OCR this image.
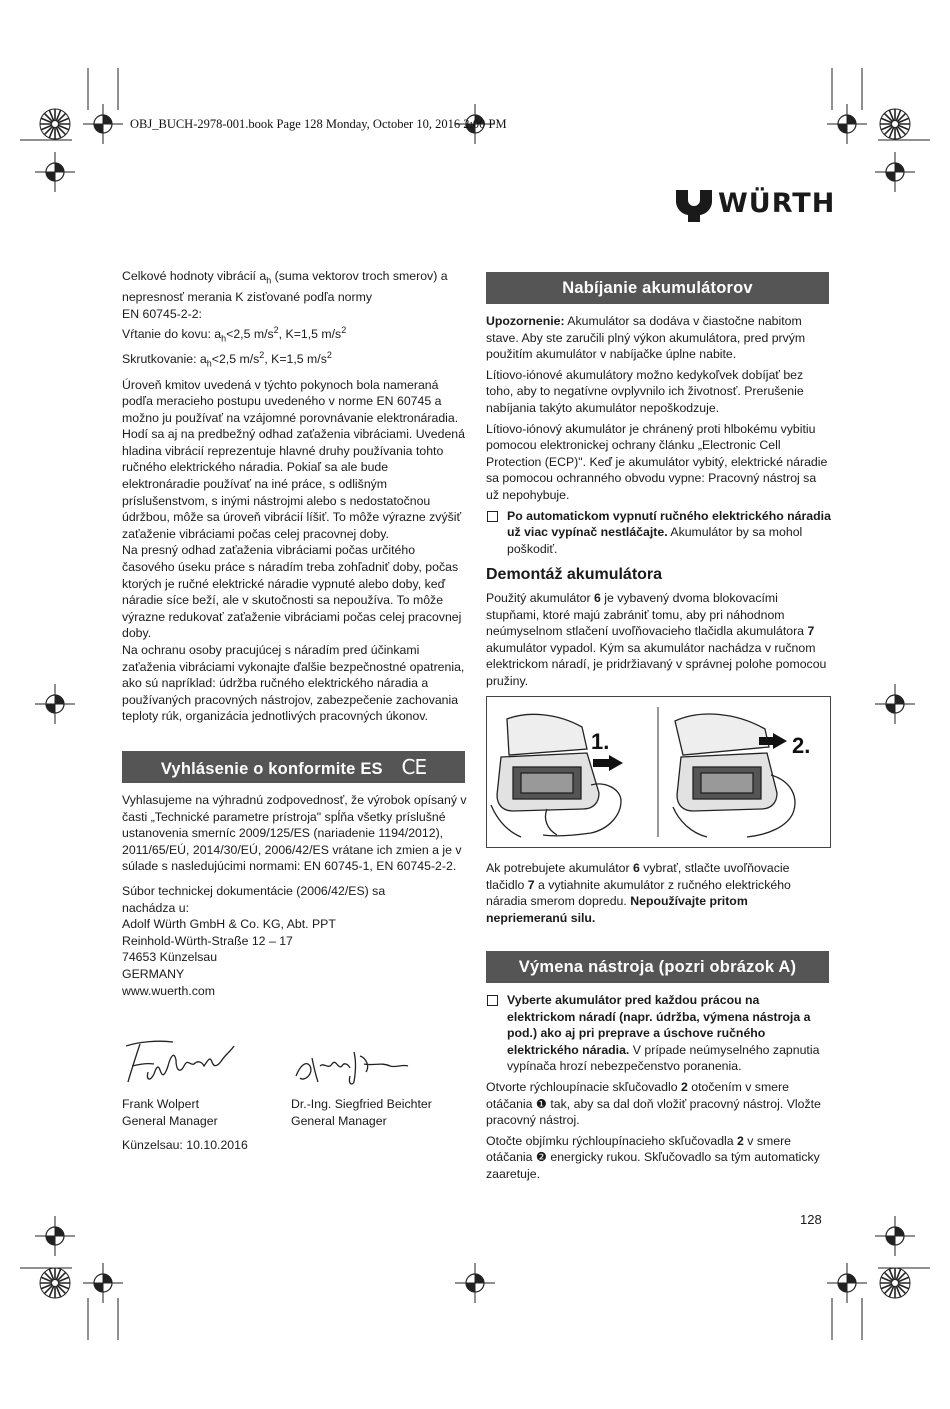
OBJ_BUCH-2978-001.book Page 128 Monday, October 10, 2016 2:00 PM
WÜRTH

Celkové hodnoty vibrácií $a_h$ (suma vektorov troch smerov) a nepresnosť merania K zisťované podľa normy

EN 60745-2-2:

Vŕtanie do kovu: $a_h<2,5$ $m/s^2$, K=1,5 $m/s^2$

Skrutkovanie: $a_h<2,5$ $m/s^2$, K=1,5 $m/s^2$

Úroveň kmitov uvedená v týchto pokynoch bola nameraná podľa meracieho postupu uvedeného v norme EN 60745 a možno ju používať na vzájomné porovnávanie elektronáradia. Hodí sa aj na predbežný odhad zaťaženia vibráciami. Uvedená hladina vibrácií reprezentuje hlavné druhy používania tohto ručného elektrického náradia. Pokiaľ sa ale bude elektronáradie používať na iné práce, s odlišným príslušenstvom, s inými nástrojmi alebo s nedostatočnou údržbou, môže sa úroveň vibrácií líšiť. To môže výrazne zvýšiť zaťaženie vibráciami počas celej pracovnej doby.

Na presný odhad zaťaženia vibráciami počas určitého časového úseku práce s náradím treba zohľadniť doby, počas ktorých je ručné elektrické náradie vypnuté alebo doby, keď náradie síce beží, ale v skutočnosti sa nepoužíva. To môže výrazne redukovať zaťaženie vibráciami počas celej pracovnej doby.

Na ochranu osoby pracujúcej s náradím pred účinkami zaťaženia vibráciami vykonajte ďalšie bezpečnostné opatrenia, ako sú napríklad: údržba ručného elektrického náradia a používaných pracovných nástrojov, zabezpečenie zachovania teploty rúk, organizácia jednotlivých pracovných úkonov.

Vyhlásenie o konformite ES CE

Vyhlasujeme na výhradnú zodpovednosť, že výrobok opísaný v časti „Technické parametre prístroja" spĺňa všetky príslušné ustanovenia smerníc 2009/125/ES (nariadenie 1194/2012), 2011/65/EÚ, 2014/30/EÚ, 2006/42/ES vrátane ich zmien a je v súlade s nasledujúcimi normami: EN 60745-1, EN 60745-2-2.

Súbor technickej dokumentácie (2006/42/ES) sa nachádza u:

Adolf Würth GmbH & Co. KG, Abt. PPT

Reinhold-Würth-Straße 12 – 17

74653 Künzelsau

GERMANY

www.wuerth.com

Frank Wolpert
General Manager
Dr.-Ing. Siegfried Beichter
General Manager
Künzelsau: 10.10.2016
Nabíjanie akumulátorov

Upozornenie: Akumulátor sa dodáva v čiastočne nabitom stave. Aby ste zaručili plný výkon akumulátora, pred prvým použitím akumulátor v nabíjačke úplne nabite.

Lítiovo-iónové akumulátory možno kedykoľvek dobíjať bez toho, aby to negatívne ovplyvnilo ich životnosť. Prerušenie nabíjania takýto akumulátor nepoškodzuje.

Lítiovo-iónový akumulátor je chránený proti hlbokému vybitiu pomocou elektronickej ochrany článku „Electronic Cell Protection (ECP)". Keď je akumulátor vybitý, elektrické náradie sa pomocou ochranného obvodu vypne: Pracovný nástroj sa už nepohybuje.

Po automatickom vypnutí ručného elektrického náradia už viac vypínač nestláčajte. Akumulátor by sa mohol poškodiť.
Demontáž akumulátora

Použitý akumulátor 6 je vybavený dvoma blokovacími stupňami, ktoré majú zabrániť tomu, aby pri náhodnom neúmyselnom stlačení uvoľňovacieho tlačidla akumulátora 7 akumulátor vypadol. Kým sa akumulátor nachádza v ručnom elektrickom náradí, je pridržiavaný v správnej polohe pomocou pružiny.

1.	2.

Ak potrebujete akumulátor 6 vybrať, stlačte uvoľňovacie tlačidlo 7 a vytiahnite akumulátor z ručného elektrického náradia smerom dopredu. Nepoužívajte pritom nepriemeranú silu.

Výmena nástroja (pozri obrázok A)
Vyberte akumulátor pred každou prácou na elektrickom náradí (napr. údržba, výmena nástroja a pod.) ako aj pri preprave a úschove ručného elektrického náradia. V prípade neúmyselného zapnutia vypínača hrozí nebezpečenstvo poranenia.

Otvorte rýchloupínacie skľučovadlo 2 otočením v smere otáčania ❶ tak, aby sa dal doň vložiť pracovný nástroj. Vložte pracovný nástroj.

Otočte objímku rýchloupínacieho skľučovadla 2 v smere otáčania ❷ energicky rukou. Skľučovadlo sa tým automaticky zaaretuje.

128
